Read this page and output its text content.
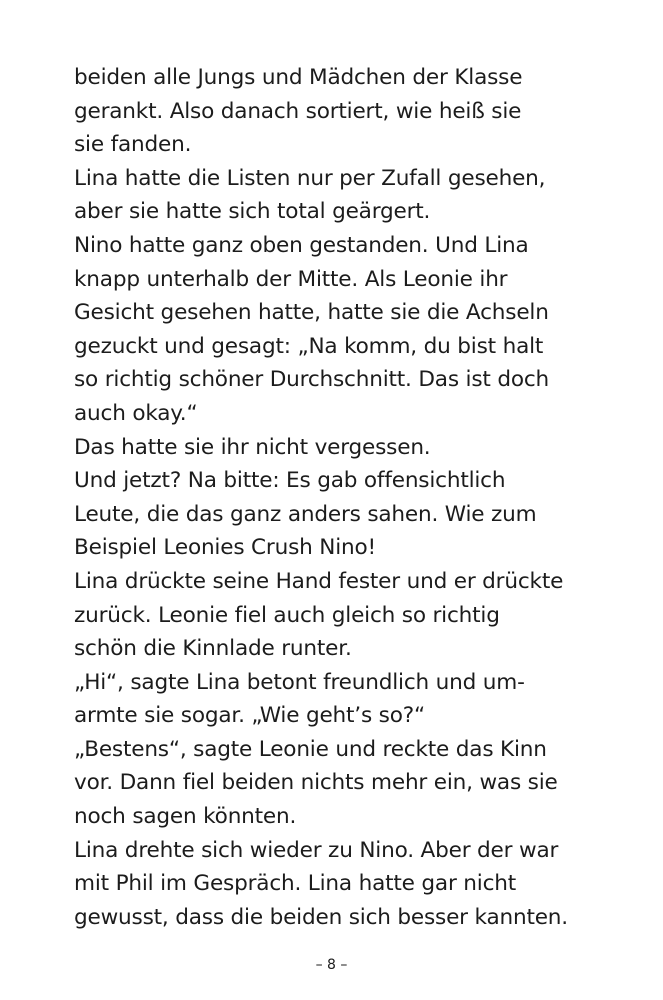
beiden alle Jungs und Mädchen der Klasse
gerankt. Also danach sortiert, wie heiß sie
sie fanden.
Lina hatte die Listen nur per Zufall gesehen,
aber sie hatte sich total geärgert.
Nino hatte ganz oben gestanden. Und Lina
knapp unterhalb der Mitte. Als Leonie ihr
Gesicht gesehen hatte, hatte sie die Achseln
gezuckt und gesagt: „Na komm, du bist halt
so richtig schöner Durchschnitt. Das ist doch
auch okay.“
Das hatte sie ihr nicht vergessen.
Und jetzt? Na bitte: Es gab offensichtlich
Leute, die das ganz anders sahen. Wie zum
Beispiel Leonies Crush Nino!
Lina drückte seine Hand fester und er drückte
zurück. Leonie fiel auch gleich so richtig
schön die Kinnlade runter.
„Hi“, sagte Lina betont freundlich und um-
armte sie sogar. „Wie geht’s so?“
„Bestens“, sagte Leonie und reckte das Kinn
vor. Dann fiel beiden nichts mehr ein, was sie
noch sagen könnten.
Lina drehte sich wieder zu Nino. Aber der war
mit Phil im Gespräch. Lina hatte gar nicht
gewusst, dass die beiden sich besser kannten.
– 8 –
